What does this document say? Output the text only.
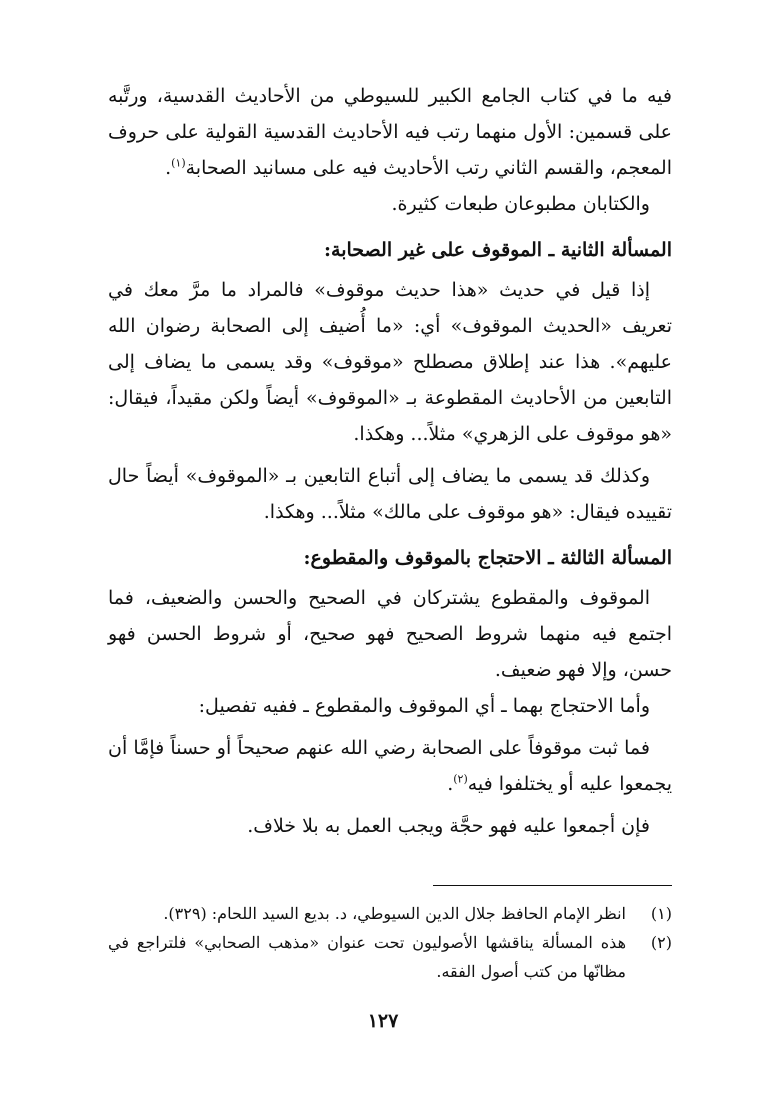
فيه ما في كتاب الجامع الكبير للسيوطي من الأحاديث القدسية، ورتَّبه على قسمين: الأول منهما رتب فيه الأحاديث القدسية القولية على حروف المعجم، والقسم الثاني رتب الأحاديث فيه على مسانيد الصحابة$^{(١)}$.

والكتابان مطبوعان طبعات كثيرة.

المسألة الثانية ـ الموقوف على غير الصحابة:

إذا قيل في حديث «هذا حديث موقوف» فالمراد ما مرَّ معك في تعريف «الحديث الموقوف» أي: «ما أُضيف إلى الصحابة رضوان الله عليهم». هذا عند إطلاق مصطلح «موقوف» وقد يسمى ما يضاف إلى التابعين من الأحاديث المقطوعة بـ «الموقوف» أيضاً ولكن مقيداً، فيقال: «هو موقوف على الزهري» مثلاً... وهكذا.

وكذلك قد يسمى ما يضاف إلى أتباع التابعين بـ «الموقوف» أيضاً حال تقييده فيقال: «هو موقوف على مالك» مثلاً... وهكذا.

المسألة الثالثة ـ الاحتجاج بالموقوف والمقطوع:

الموقوف والمقطوع يشتركان في الصحيح والحسن والضعيف، فما اجتمع فيه منهما شروط الصحيح فهو صحيح، أو شروط الحسن فهو حسن، وإلا فهو ضعيف.

وأما الاحتجاج بهما ـ أي الموقوف والمقطوع ـ ففيه تفصيل:

فما ثبت موقوفاً على الصحابة رضي الله عنهم صحيحاً أو حسناً فإمَّا أن يجمعوا عليه أو يختلفوا فيه$^{(٢)}$.

فإن أجمعوا عليه فهو حجَّة ويجب العمل به بلا خلاف.

(١)
انظر الإمام الحافظ جلال الدين السيوطي، د. بديع السيد اللحام: (٣٢٩).
(٢)
هذه المسألة يناقشها الأصوليون تحت عنوان «مذهب الصحابي» فلتراجع في مظانّها من كتب أصول الفقه.
١٢٧
